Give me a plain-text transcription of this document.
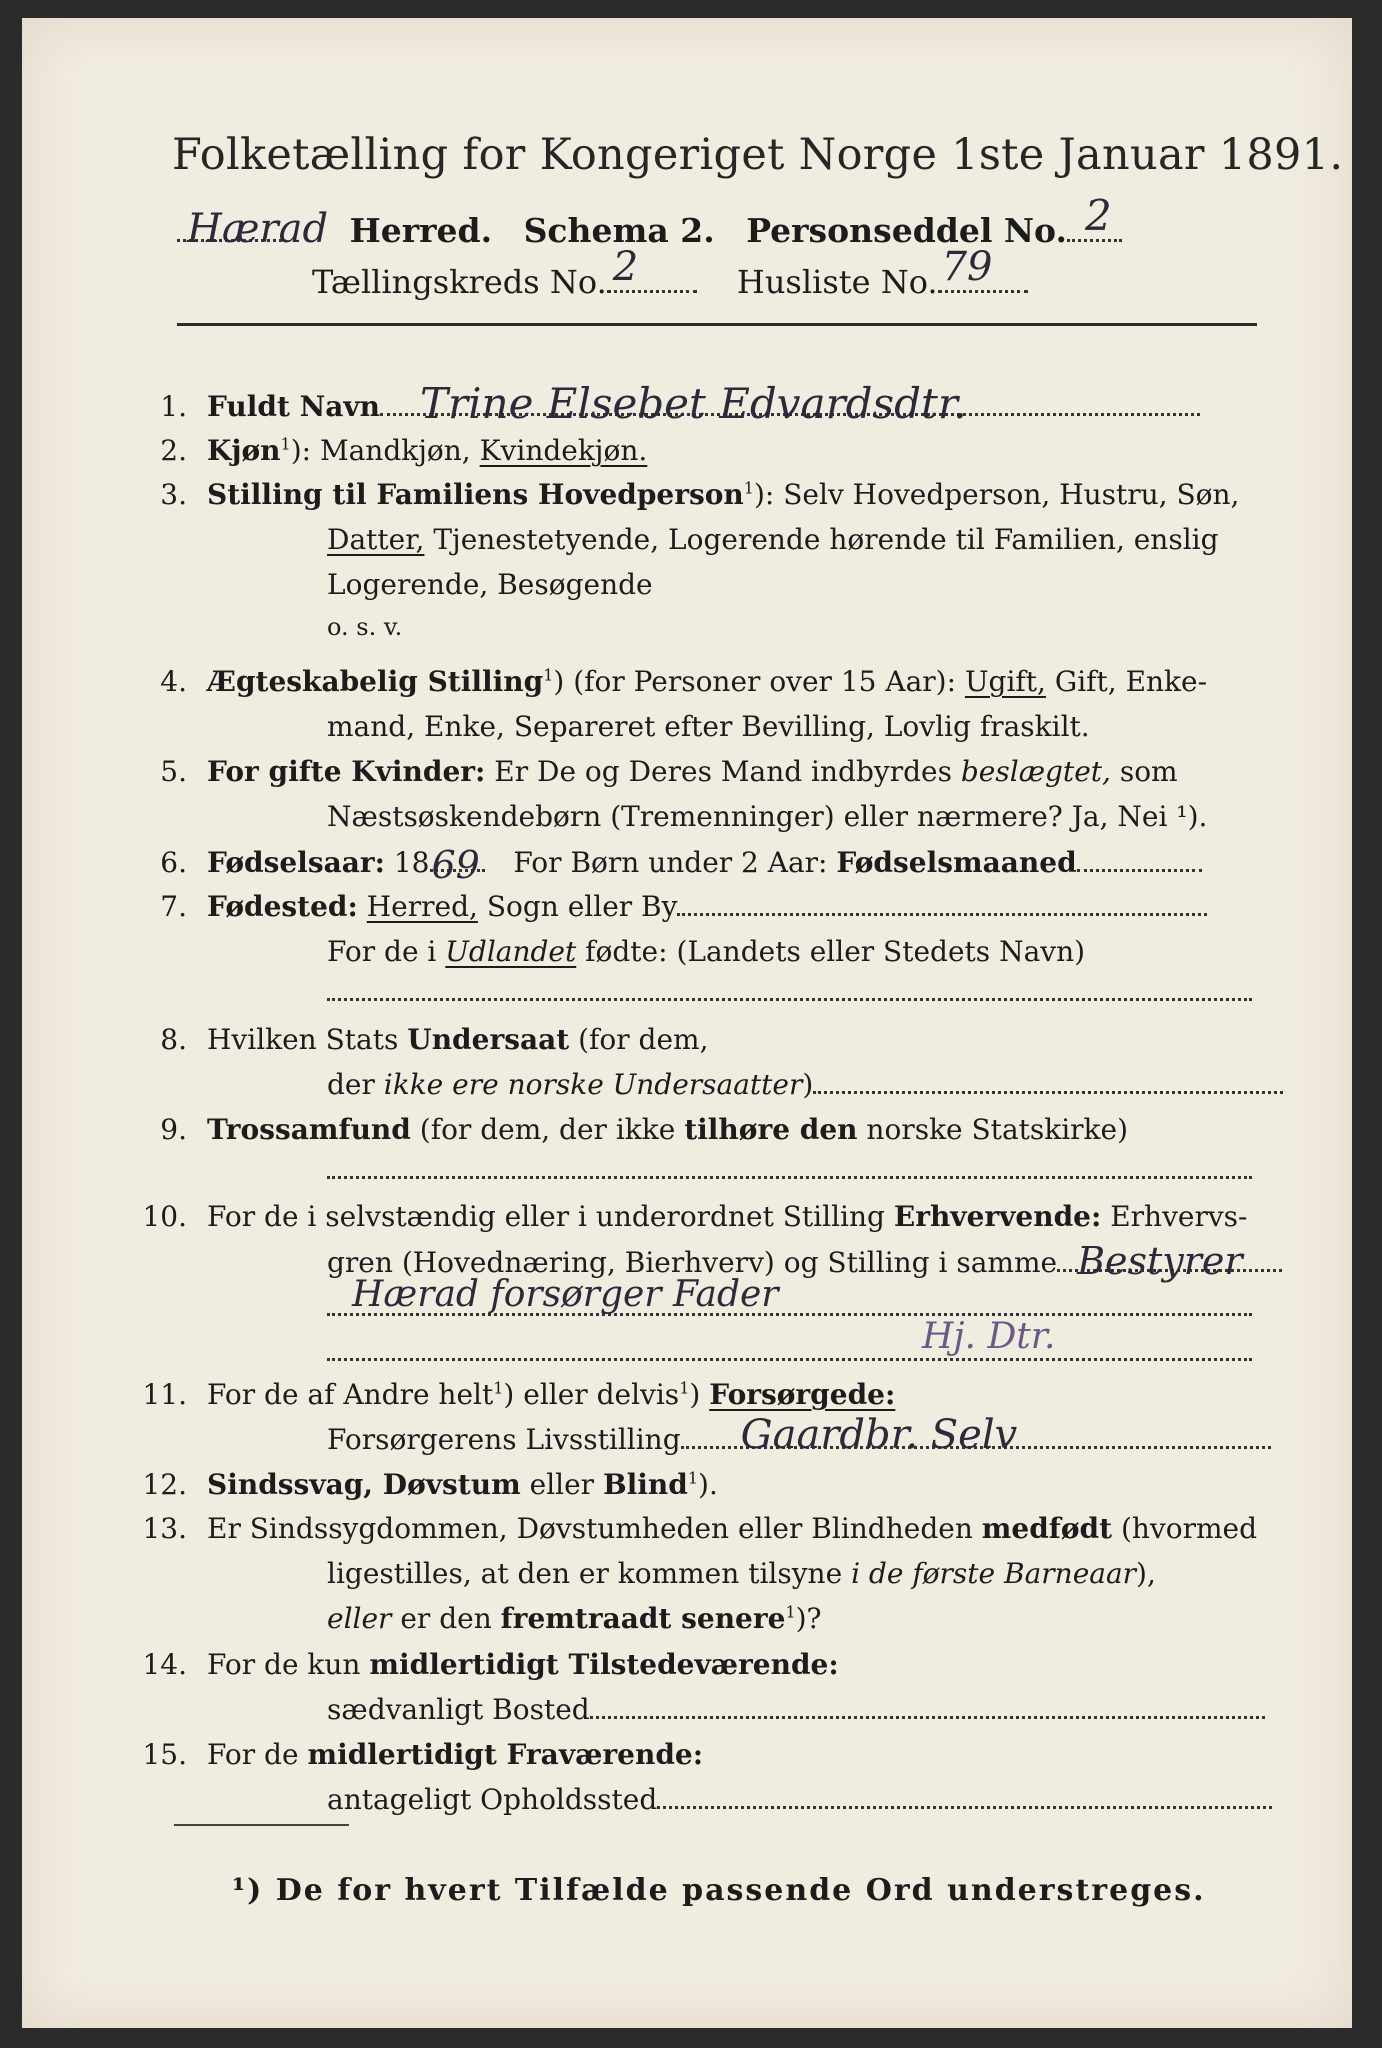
Folketælling for Kongeriget Norge 1ste Januar 1891.
Hærad Herred. Schema 2. Personseddel No. 2
Tællingskreds No. 2	Husliste No. 79
1. Fuldt Navn Trine Elsebet Edvardsdtr.
2. Kjøn$^1$): Mandkjøn, Kvindekjøn.
3. Stilling til Familiens Hovedperson$^1$): Selv Hovedperson, Hustru, Søn,
Datter, Tjenestetyende, Logerende hørende til Familien, enslig
Logerende, Besøgende
o. s. v.
4. Ægteskabelig Stilling$^1$) (for Personer over 15 Aar): Ugift, Gift, Enke-
mand, Enke, Separeret efter Bevilling, Lovlig fraskilt.
5. For gifte Kvinder: Er De og Deres Mand indbyrdes beslægtet, som
Næstsøskendebørn (Tremenninger) eller nærmere? Ja, Nei ¹).
6. Fødselsaar: 18 69 For Børn under 2 Aar: Fødselsmaaned
7. Fødested: Herred, Sogn eller By
For de i Udlandet fødte: (Landets eller Stedets Navn)
8. Hvilken Stats Undersaat (for dem,
der ikke ere norske Undersaatter)
9. Trossamfund (for dem, der ikke tilhøre den norske Statskirke)
10. For de i selvstændig eller i underordnet Stilling Erhvervende: Erhvervs-
gren (Hovednæring, Bierhverv) og Stilling i samme Bestyrer
Hærad forsørger Fader
Hj. Dtr.
11. For de af Andre helt$^1$) eller delvis$^1$) Forsørgede:
Forsørgerens Livsstilling Gaardbr. Selv
12. Sindssvag, Døvstum eller Blind$^1$).
13. Er Sindssygdommen, Døvstumheden eller Blindheden medfødt (hvormed
ligestilles, at den er kommen tilsyne i de første Barneaar),
eller er den fremtraadt senere$^1$)?
14. For de kun midlertidigt Tilstedeværende:
sædvanligt Bosted
15. For de midlertidigt Fraværende:
antageligt Opholdssted
¹) De for hvert Tilfælde passende Ord understreges.
